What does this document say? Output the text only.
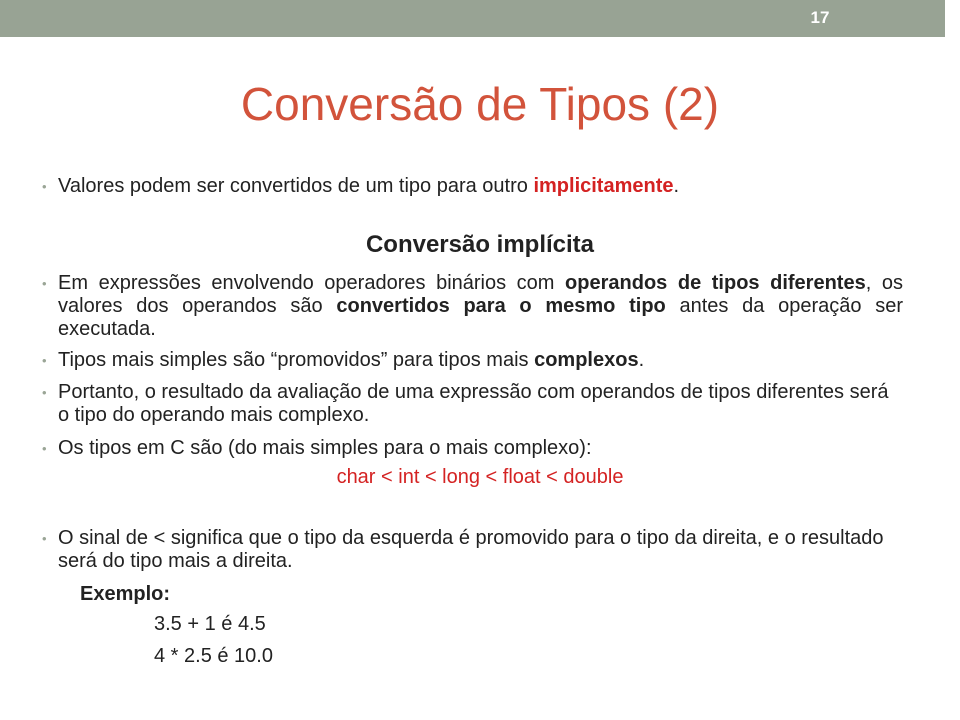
17
Conversão de Tipos (2)
• Valores podem ser convertidos de um tipo para outro implicitamente.
Conversão implícita
• Em expressões envolvendo operadores binários com operandos de tipos diferentes, os valores dos operandos são convertidos para o mesmo tipo antes da operação ser executada.
• Tipos mais simples são “promovidos” para tipos mais complexos.
• Portanto, o resultado da avaliação de uma expressão com operandos de tipos diferentes será o tipo do operando mais complexo.
• Os tipos em C são (do mais simples para o mais complexo):
char < int < long < float < double
• O sinal de < significa que o tipo da esquerda é promovido para o tipo da direita, e o resultado será do tipo mais a direita.
Exemplo:
3.5 + 1 é 4.5
4 * 2.5 é 10.0
